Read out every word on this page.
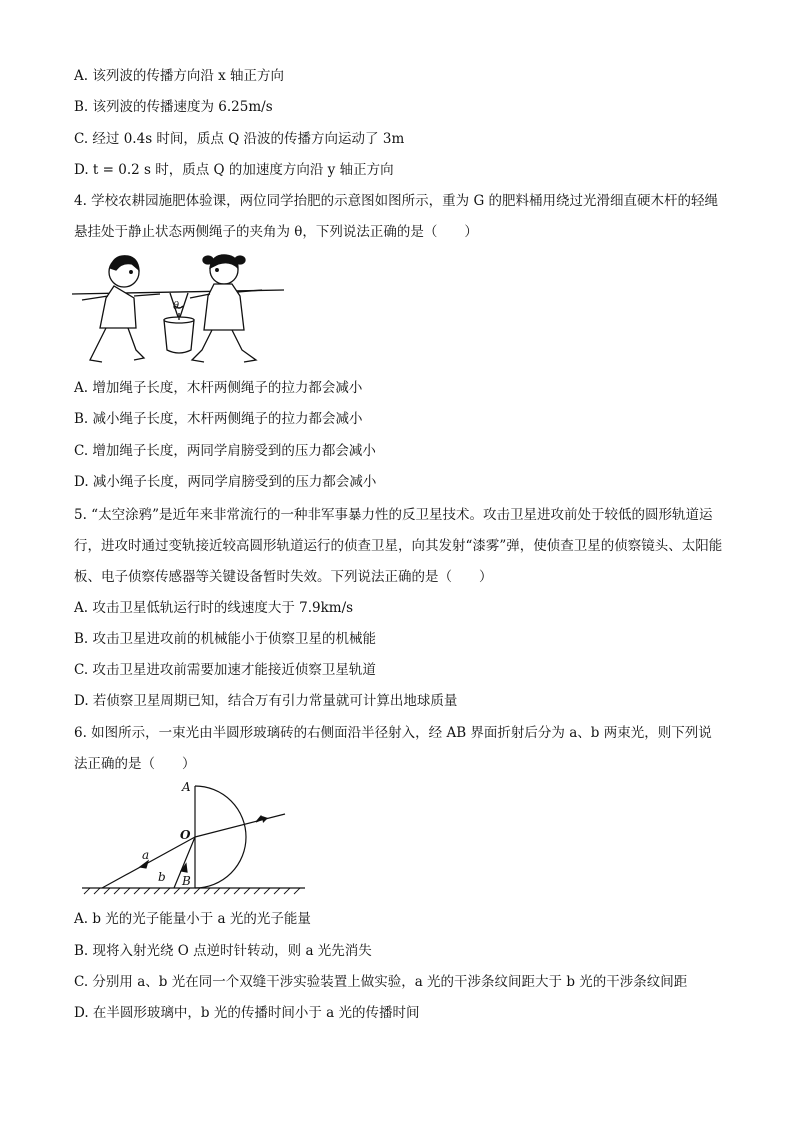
A. 该列波的传播方向沿 x 轴正方向
B. 该列波的传播速度为 6.25m/s
C. 经过 0.4s 时间，质点 Q 沿波的传播方向运动了 3m
D. t = 0.2 s 时，质点 Q 的加速度方向沿 y 轴正方向
4. 学校农耕园施肥体验课，两位同学抬肥的示意图如图所示，重为 G 的肥料桶用绕过光滑细直硬木杆的轻绳悬挂处于静止状态两侧绳子的夹角为 θ，下列说法正确的是（　　）
θ
A. 增加绳子长度，木杆两侧绳子的拉力都会减小
B. 减小绳子长度，木杆两侧绳子的拉力都会减小
C. 增加绳子长度，两同学肩膀受到的压力都会减小
D. 减小绳子长度，两同学肩膀受到的压力都会减小
5. “太空涂鸦”是近年来非常流行的一种非军事暴力性的反卫星技术。攻击卫星进攻前处于较低的圆形轨道运行，进攻时通过变轨接近较高圆形轨道运行的侦查卫星，向其发射“漆雾”弹，使侦查卫星的侦察镜头、太阳能板、电子侦察传感器等关键设备暂时失效。下列说法正确的是（　　）
A. 攻击卫星低轨运行时的线速度大于 7.9km/s
B. 攻击卫星进攻前的机械能小于侦察卫星的机械能
C. 攻击卫星进攻前需要加速才能接近侦察卫星轨道
D. 若侦察卫星周期已知，结合万有引力常量就可计算出地球质量
6. 如图所示，一束光由半圆形玻璃砖的右侧面沿半径射入，经 AB 界面折射后分为 a、b 两束光，则下列说法正确的是（　　）
A
O
B
a
b
A. b 光的光子能量小于 a 光的光子能量
B. 现将入射光绕 O 点逆时针转动，则 a 光先消失
C. 分别用 a、b 光在同一个双缝干涉实验装置上做实验，a 光的干涉条纹间距大于 b 光的干涉条纹间距
D. 在半圆形玻璃中，b 光的传播时间小于 a 光的传播时间
